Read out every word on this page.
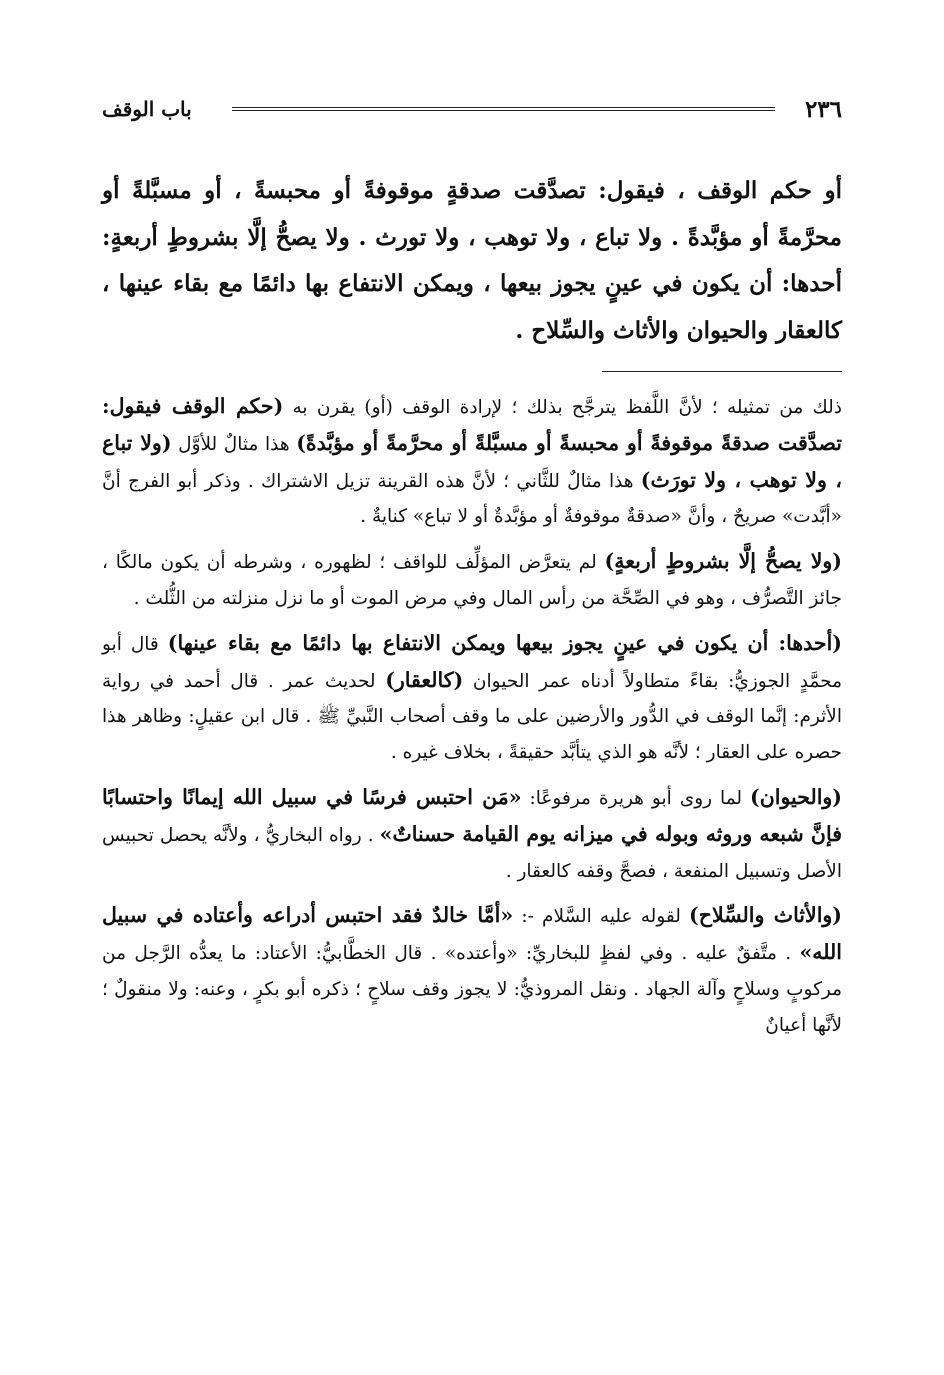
٢٣٦
باب الوقف

أو حكم الوقف ، فيقول: تصدَّقت صدقةٍ موقوفةً أو محبسةً ، أو مسبَّلةً أو محرَّمةً أو مؤبَّدةً . ولا تباع ، ولا توهب ، ولا تورث . ولا يصحُّ إلَّا بشروطٍ أربعةٍ: أحدها: أن يكون في عينٍ يجوز بيعها ، ويمكن الانتفاع بها دائمًا مع بقاء عينها ، كالعقار والحيوان والأثاث والسِّلاح .

ذلك من تمثيله ؛ لأنَّ اللَّفظ يترجَّح بذلك ؛ لإرادة الوقف (أو) يقرن به (حكم الوقف فيقول: تصدَّقت صدقةً موقوفةً أو محبسةً أو مسبَّلةً أو محرَّمةً أو مؤبَّدةً) هذا مثالٌ للأوَّل (ولا تباع ، ولا توهب ، ولا تورَث) هذا مثالٌ للثَّاني ؛ لأنَّ هذه القرينة تزيل الاشتراك . وذكر أبو الفرج أنَّ «أبَّدت» صريحٌ ، وأنَّ «صدقةٌ موقوفةٌ أو مؤبَّدةٌ أو لا تباع» كنايةٌ .

(ولا يصحُّ إلَّا بشروطٍ أربعةٍ) لم يتعرَّض المؤلِّف للواقف ؛ لظهوره ، وشرطه أن يكون مالكًا ، جائز التَّصرُّف ، وهو في الصِّحَّة من رأس المال وفي مرض الموت أو ما نزل منزلته من الثُّلث .

(أحدها: أن يكون في عينٍ يجوز بيعها ويمكن الانتفاع بها دائمًا مع بقاء عينها) قال أبو محمَّدٍ الجوزيُّ: بقاءً متطاولاً أدناه عمر الحيوان (كالعقار) لحديث عمر . قال أحمد في رواية الأثرم: إنَّما الوقف في الدُّور والأرضين على ما وقف أصحاب النَّبيِّ ﷺ . قال ابن عقيلٍ: وظاهر هذا حصره على العقار ؛ لأنَّه هو الذي يتأبَّد حقيقةً ، بخلاف غيره .

(والحيوان) لما روى أبو هريرة مرفوعًا: «مَن احتبس فرسًا في سبيل الله إيمانًا واحتسابًا فإنَّ شبعه وروثه وبوله في ميزانه يوم القيامة حسناتٌ» . رواه البخاريُّ ، ولأنَّه يحصل تحبيس الأصل وتسبيل المنفعة ، فصحَّ وقفه كالعقار .

(والأثاث والسِّلاح) لقوله عليه السَّلام -: «أمَّا خالدٌ فقد احتبس أدراعه وأعتاده في سبيل الله» . متَّفقٌ عليه . وفي لفظٍ للبخاريِّ: «وأعتده» . قال الخطَّابيُّ: الأعتاد: ما يعدُّه الرَّجل من مركوبٍ وسلاحٍ وآلة الجهاد . ونقل المروذيُّ: لا يجوز وقف سلاحٍ ؛ ذكره أبو بكرٍ ، وعنه: ولا منقولٌ ؛ لأنَّها أعيانٌ
